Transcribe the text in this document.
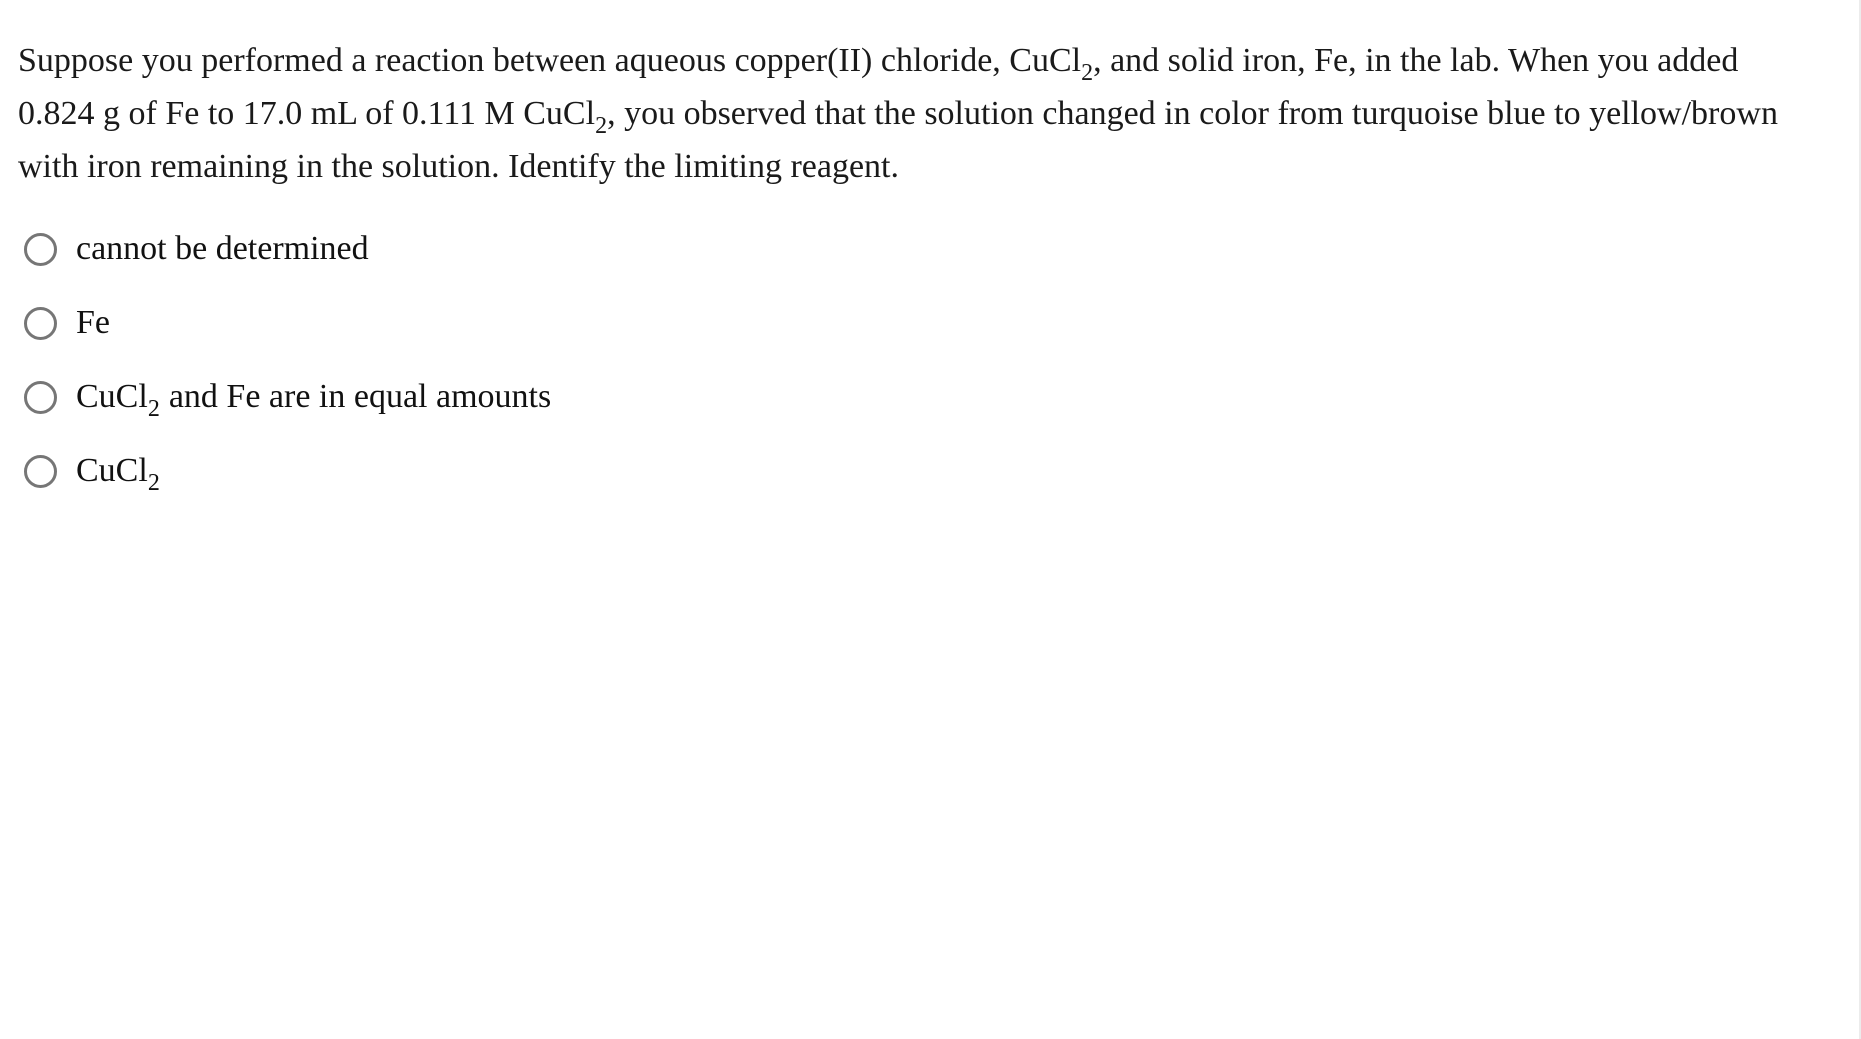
Suppose you performed a reaction between aqueous copper(II) chloride, CuCl$_2$, and solid iron, Fe, in the lab. When you added 0.824 g of Fe to 17.0 mL of 0.111 M CuCl$_2$, you observed that the solution changed in color from turquoise blue to yellow/brown with iron remaining in the solution. Identify the limiting reagent.

cannot be determined
Fe
CuCl$_2$ and Fe are in equal amounts
CuCl$_2$
